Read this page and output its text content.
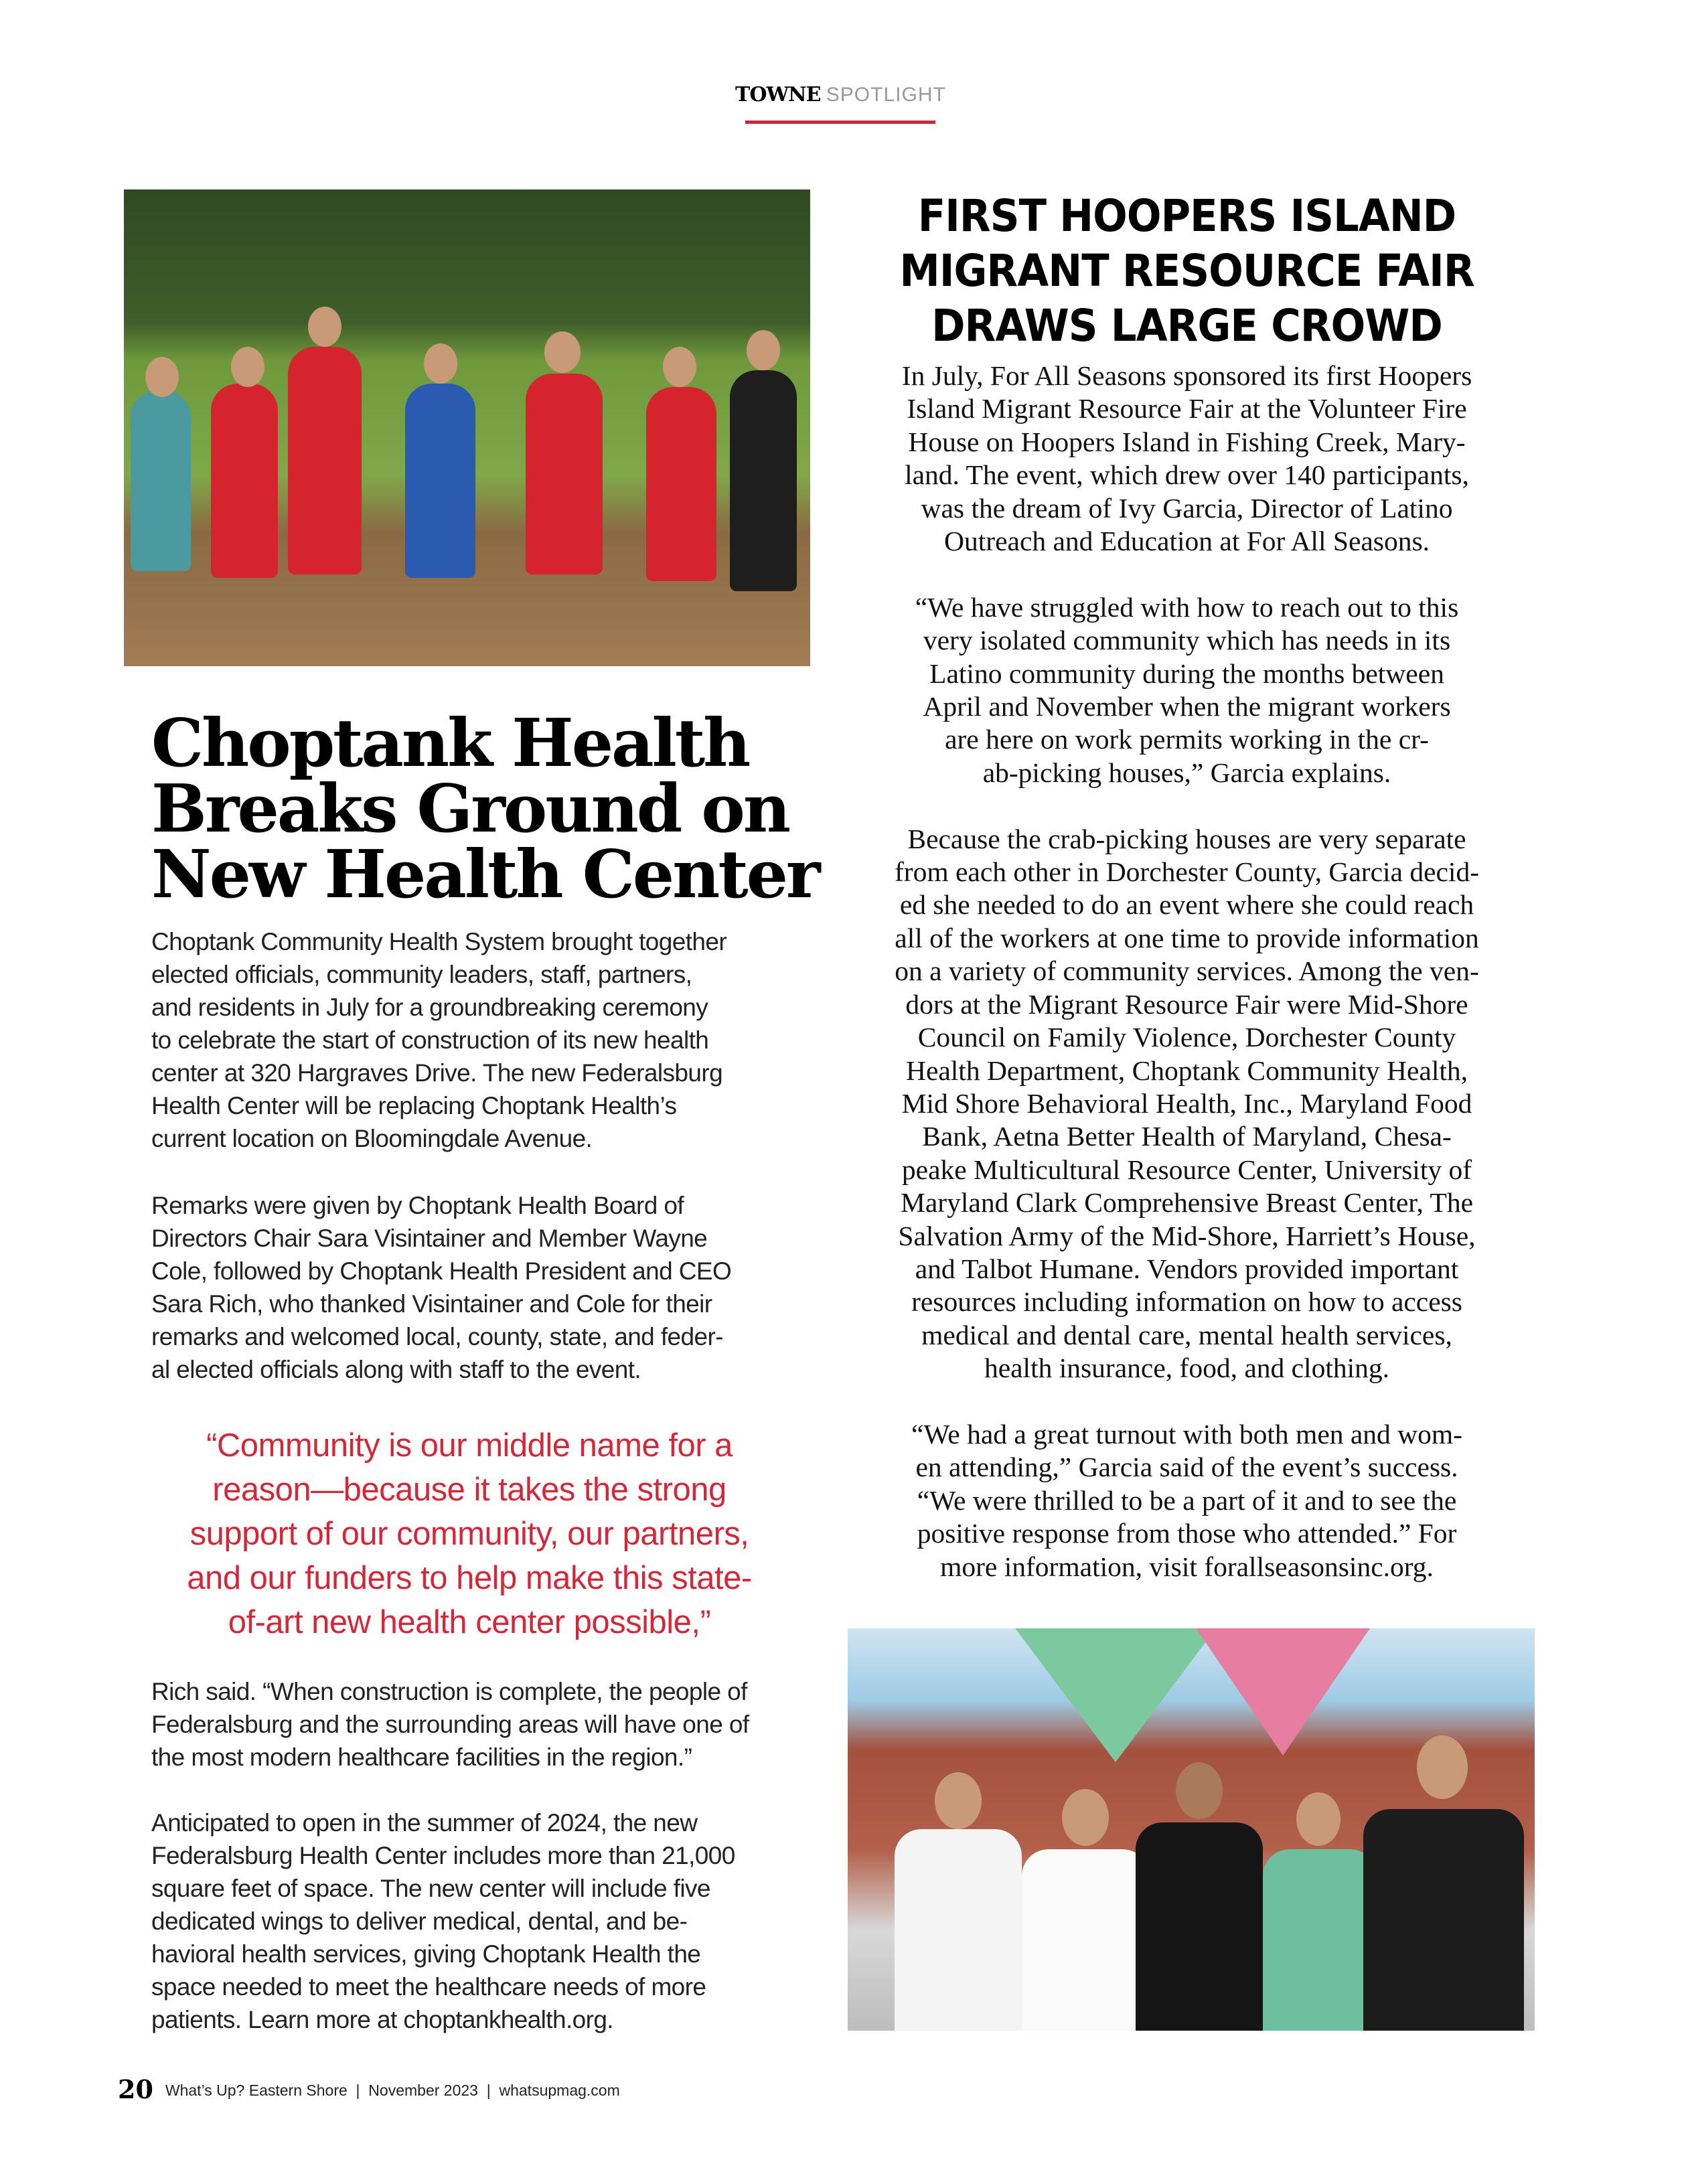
TOWNE SPOTLIGHT
Choptank Health
Breaks Ground on
New Health Center
Choptank Community Health System brought together
elected officials, community leaders, staff, partners,
and residents in July for a groundbreaking ceremony
to celebrate the start of construction of its new health
center at 320 Hargraves Drive. The new Federalsburg
Health Center will be replacing Choptank Health’s
current location on Bloomingdale Avenue.
Remarks were given by Choptank Health Board of
Directors Chair Sara Visintainer and Member Wayne
Cole, followed by Choptank Health President and CEO
Sara Rich, who thanked Visintainer and Cole for their
remarks and welcomed local, county, state, and feder-
al elected officials along with staff to the event.
“Community is our middle name for a
reason—because it takes the strong
support of our community, our partners,
and our funders to help make this state-
of-art new health center possible,”
Rich said. “When construction is complete, the people of
Federalsburg and the surrounding areas will have one of
the most modern healthcare facilities in the region.”
Anticipated to open in the summer of 2024, the new
Federalsburg Health Center includes more than 21,000
square feet of space. The new center will include five
dedicated wings to deliver medical, dental, and be-
havioral health services, giving Choptank Health the
space needed to meet the healthcare needs of more
patients. Learn more at choptankhealth.org.
FIRST HOOPERS ISLAND
MIGRANT RESOURCE FAIR
DRAWS LARGE CROWD
In July, For All Seasons sponsored its first Hoopers
Island Migrant Resource Fair at the Volunteer Fire
House on Hoopers Island in Fishing Creek, Mary-
land. The event, which drew over 140 participants,
was the dream of Ivy Garcia, Director of Latino
Outreach and Education at For All Seasons.
“We have struggled with how to reach out to this
very isolated community which has needs in its
Latino community during the months between
April and November when the migrant workers
are here on work permits working in the cr-
ab-picking houses,” Garcia explains.
Because the crab-picking houses are very separate
from each other in Dorchester County, Garcia decid-
ed she needed to do an event where she could reach
all of the workers at one time to provide information
on a variety of community services. Among the ven-
dors at the Migrant Resource Fair were Mid-Shore
Council on Family Violence, Dorchester County
Health Department, Choptank Community Health,
Mid Shore Behavioral Health, Inc., Maryland Food
Bank, Aetna Better Health of Maryland, Chesa-
peake Multicultural Resource Center, University of
Maryland Clark Comprehensive Breast Center, The
Salvation Army of the Mid-Shore, Harriett’s House,
and Talbot Humane. Vendors provided important
resources including information on how to access
medical and dental care, mental health services,
health insurance, food, and clothing.
“We had a great turnout with both men and wom-
en attending,” Garcia said of the event’s success.
“We were thrilled to be a part of it and to see the
positive response from those who attended.” For
more information, visit forallseasonsinc.org.
20 What’s Up? Eastern Shore  |  November 2023  |  whatsupmag.com
